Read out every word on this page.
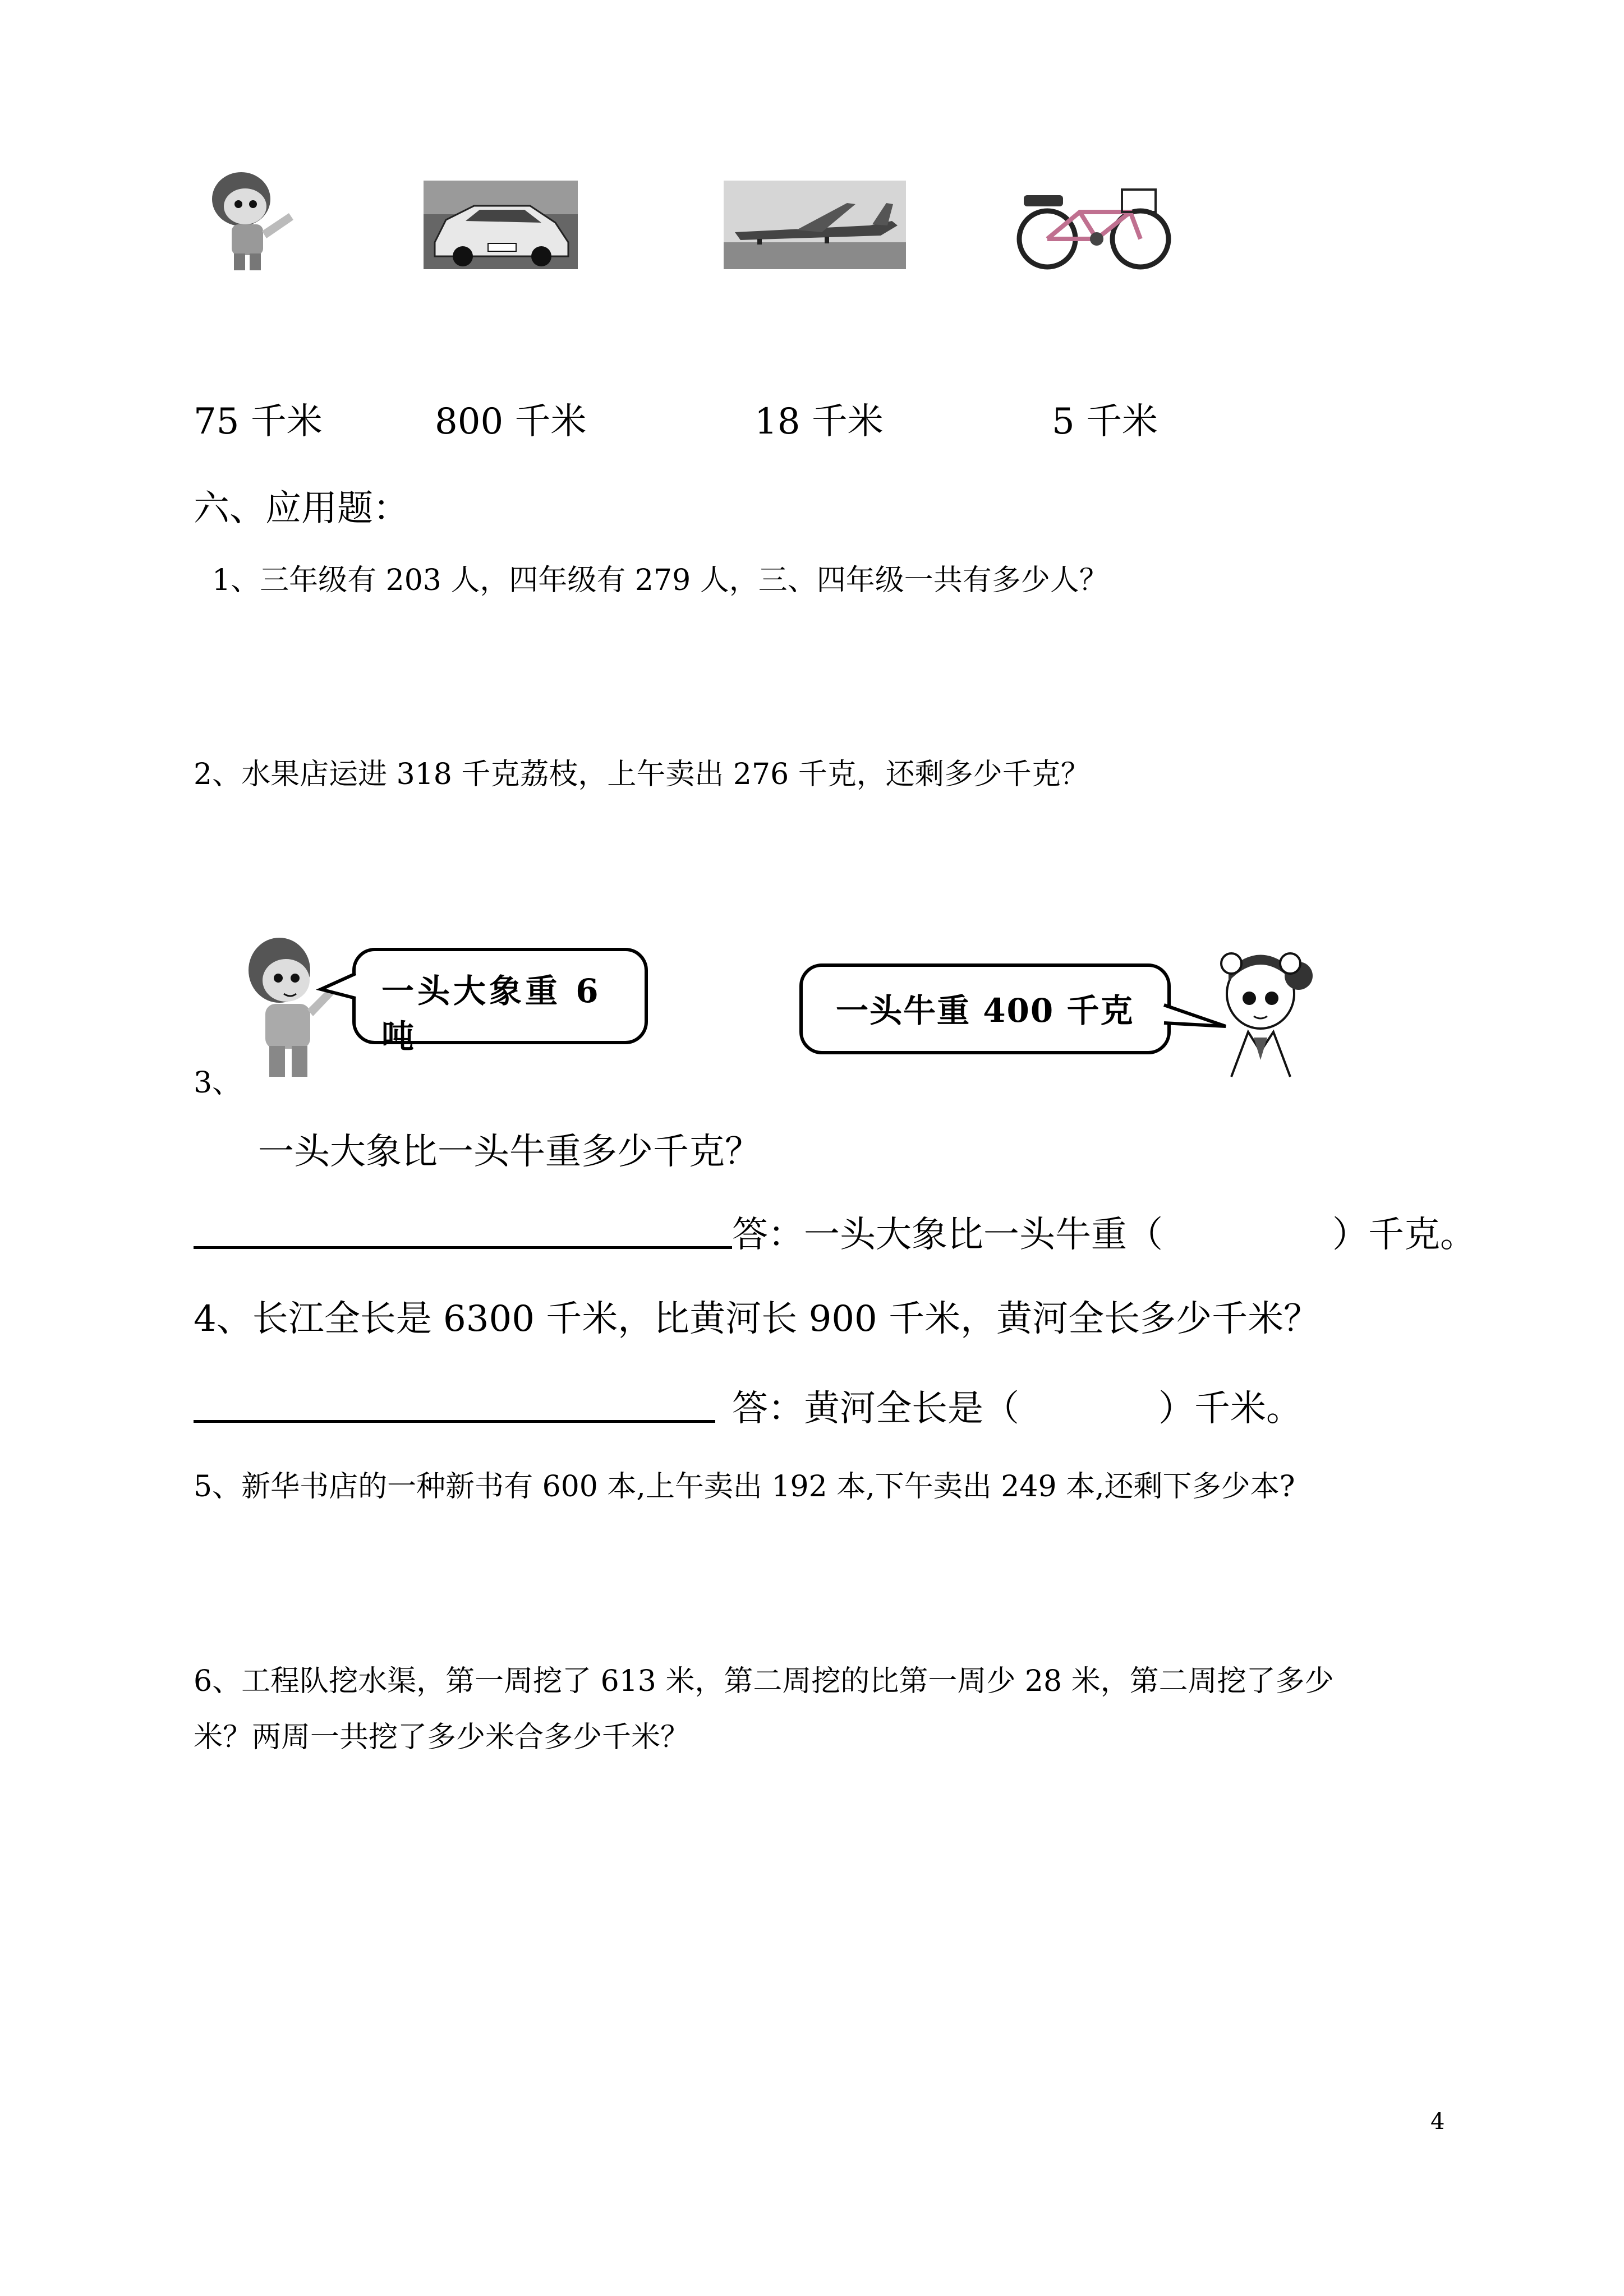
75 千米	800 千米	18 千米	5 千米
六、应用题：
1、三年级有 203 人，四年级有 279 人，三、四年级一共有多少人？
2、水果店运进 318 千克荔枝，上午卖出 276 千克，还剩多少千克？
一头大象重 6
吨
一头牛重 400 千克
3、
一头大象比一头牛重多少千克？
答：一头大象比一头牛重（	）千克。
4、长江全长是 6300 千米，比黄河长 900 千米，黄河全长多少千米？
答：黄河全长是（	）千米。
5、新华书店的一种新书有 600 本,上午卖出 192 本,下午卖出 249 本,还剩下多少本?
6、工程队挖水渠，第一周挖了 613 米，第二周挖的比第一周少 28 米，第二周挖了多少
米？两周一共挖了多少米合多少千米？
4
